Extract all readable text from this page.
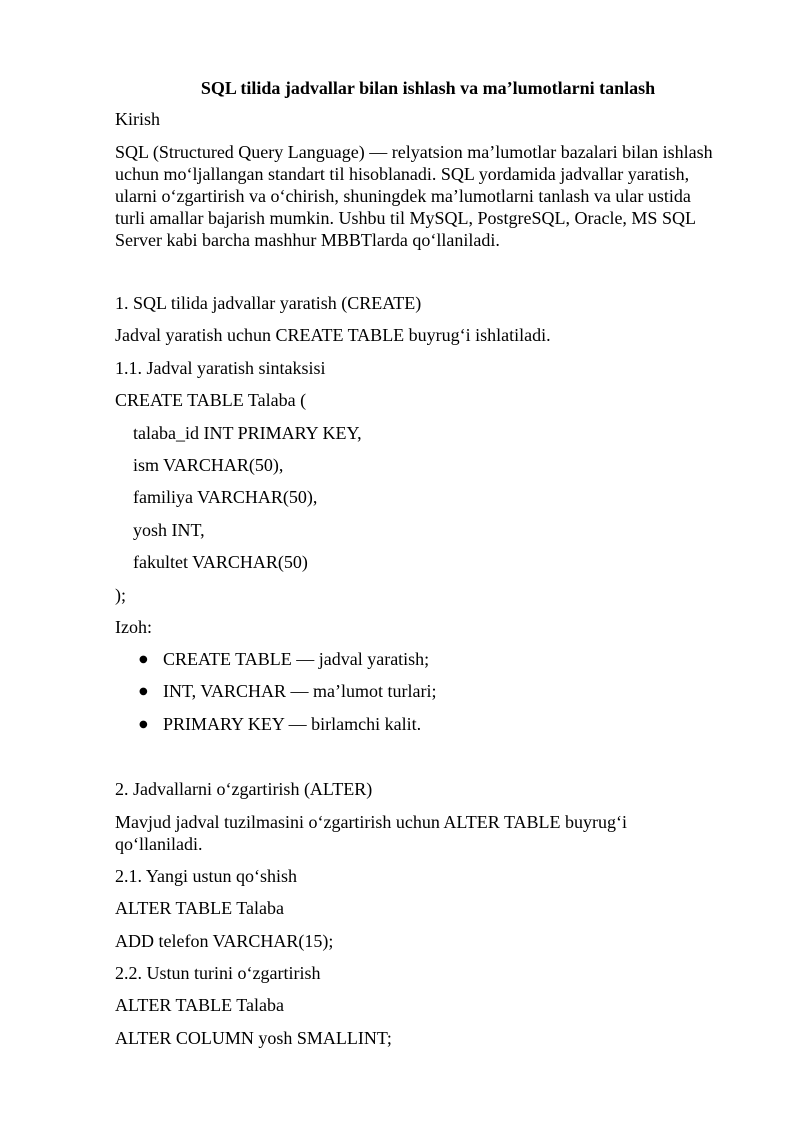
SQL tilida jadvallar bilan ishlash va ma’lumotlarni tanlash
Kirish
SQL (Structured Query Language) — relyatsion ma’lumotlar bazalari bilan ishlash
uchun mo‘ljallangan standart til hisoblanadi. SQL yordamida jadvallar yaratish,
ularni o‘zgartirish va o‘chirish, shuningdek ma’lumotlarni tanlash va ular ustida
turli amallar bajarish mumkin. Ushbu til MySQL, PostgreSQL, Oracle, MS SQL
Server kabi barcha mashhur MBBTlarda qo‘llaniladi.
1. SQL tilida jadvallar yaratish (CREATE)
Jadval yaratish uchun CREATE TABLE buyrug‘i ishlatiladi.
1.1. Jadval yaratish sintaksisi
CREATE TABLE Talaba (
talaba_id INT PRIMARY KEY,
ism VARCHAR(50),
familiya VARCHAR(50),
yosh INT,
fakultet VARCHAR(50)
);
Izoh:
● CREATE TABLE — jadval yaratish;
● INT, VARCHAR — ma’lumot turlari;
● PRIMARY KEY — birlamchi kalit.
2. Jadvallarni o‘zgartirish (ALTER)
Mavjud jadval tuzilmasini o‘zgartirish uchun ALTER TABLE buyrug‘i
qo‘llaniladi.
2.1. Yangi ustun qo‘shish
ALTER TABLE Talaba
ADD telefon VARCHAR(15);
2.2. Ustun turini o‘zgartirish
ALTER TABLE Talaba
ALTER COLUMN yosh SMALLINT;
